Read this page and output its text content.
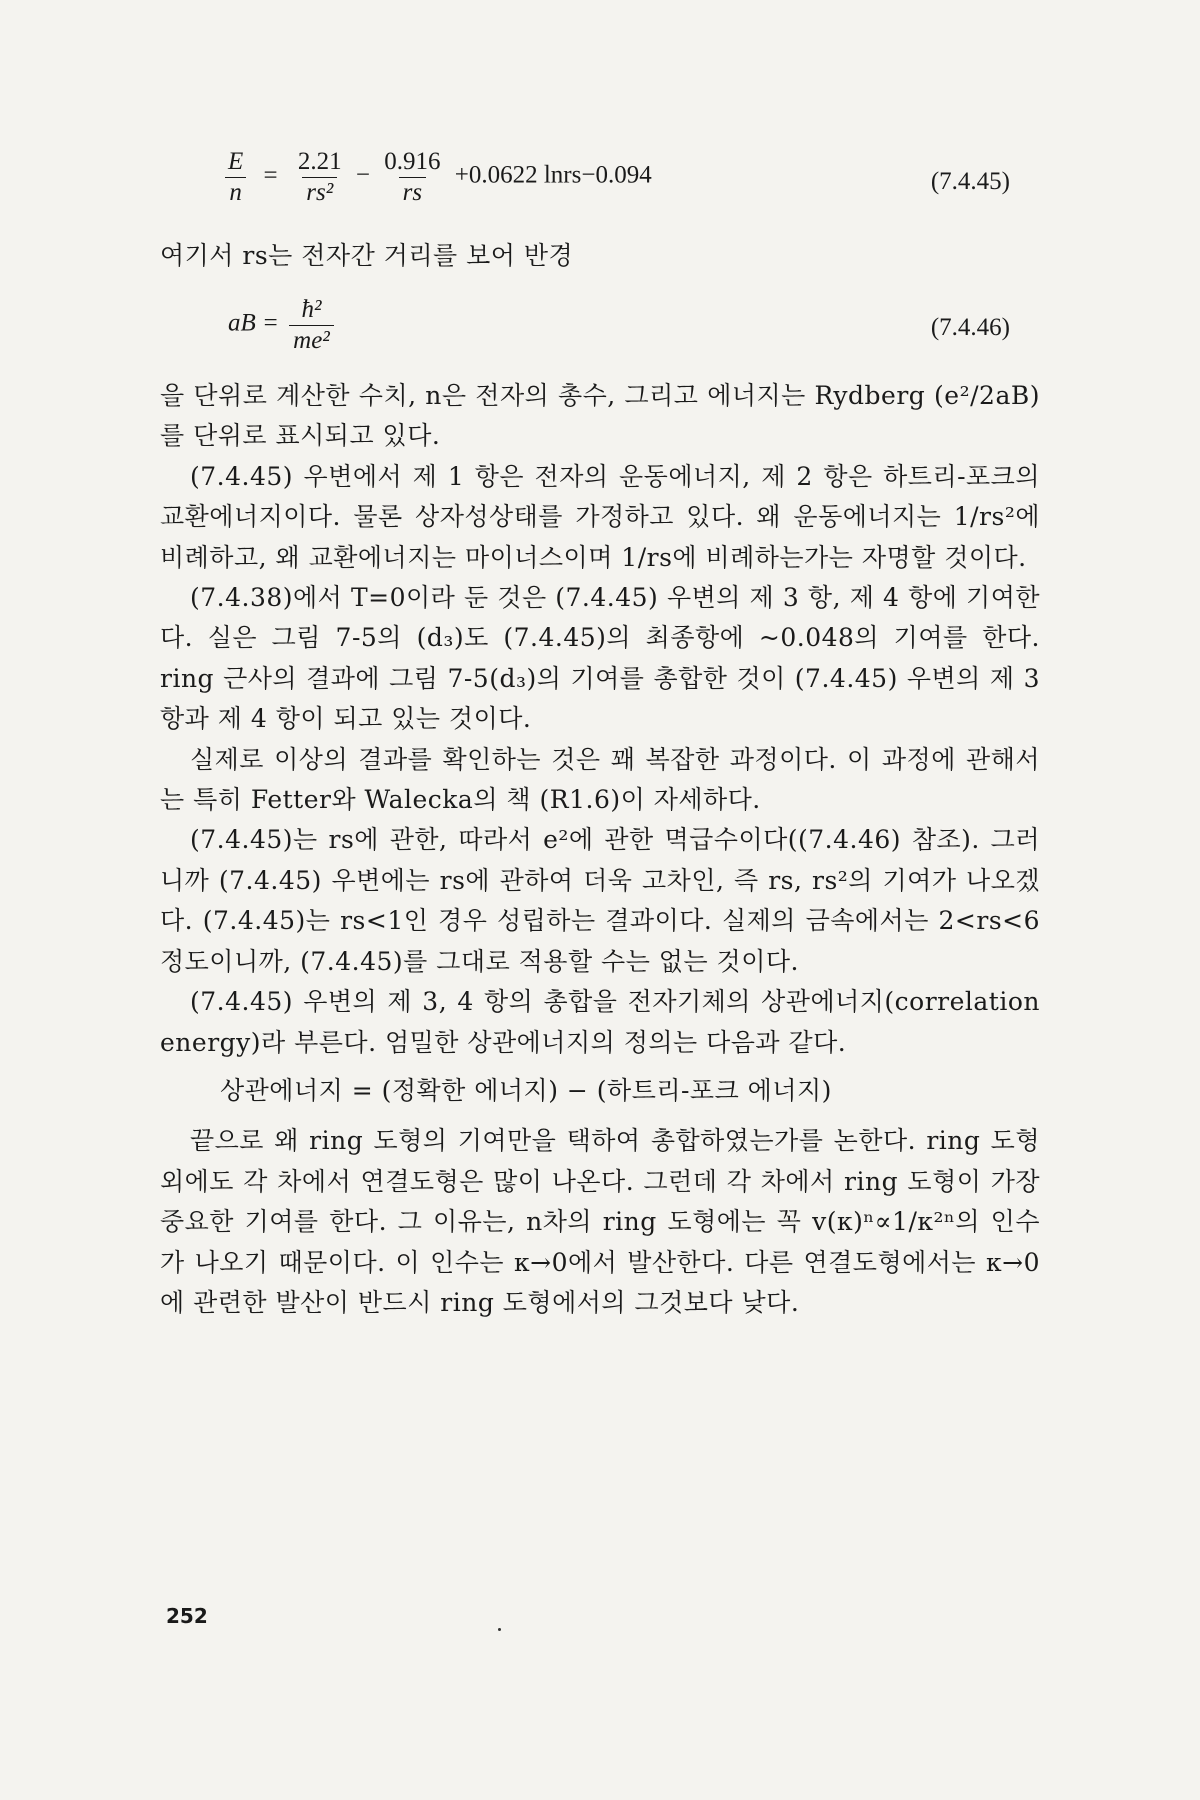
$\frac{E}{n} = \frac{2.21}{\text{rs²}} - \frac{0.916}{rs} +0.0622$ lnrs−0.094	(7.4.45)
여기서 rs는 전자간 거리를 보어 반경
aB = $\frac{\text{ħ²}}{\text{me²}}$	(7.4.46)
을 단위로 계산한 수치, n은 전자의 총수, 그리고 에너지는 Rydberg (e²/2aB)를 단위로 표시되고 있다.
(7.4.45) 우변에서 제 1 항은 전자의 운동에너지, 제 2 항은 하트리-포크의 교환에너지이다. 물론 상자성상태를 가정하고 있다. 왜 운동에너지는 1/rs²에 비례하고, 왜 교환에너지는 마이너스이며 1/rs에 비례하는가는 자명할 것이다.
(7.4.38)에서 T=0이라 둔 것은 (7.4.45) 우변의 제 3 항, 제 4 항에 기여한다. 실은 그림 7-5의 (d₃)도 (7.4.45)의 최종항에 ~0.048의 기여를 한다. ring 근사의 결과에 그림 7-5(d₃)의 기여를 총합한 것이 (7.4.45) 우변의 제 3 항과 제 4 항이 되고 있는 것이다.
실제로 이상의 결과를 확인하는 것은 꽤 복잡한 과정이다. 이 과정에 관해서는 특히 Fetter와 Walecka의 책 (R1.6)이 자세하다.
(7.4.45)는 rs에 관한, 따라서 e²에 관한 멱급수이다((7.4.46) 참조). 그러니까 (7.4.45) 우변에는 rs에 관하여 더욱 고차인, 즉 rs, rs²의 기여가 나오겠다. (7.4.45)는 rs<1인 경우 성립하는 결과이다. 실제의 금속에서는 2<rs<6 정도이니까, (7.4.45)를 그대로 적용할 수는 없는 것이다.
(7.4.45) 우변의 제 3, 4 항의 총합을 전자기체의 상관에너지(correlation energy)라 부른다. 엄밀한 상관에너지의 정의는 다음과 같다.
상관에너지 = (정확한 에너지) − (하트리-포크 에너지)
끝으로 왜 ring 도형의 기여만을 택하여 총합하였는가를 논한다. ring 도형 외에도 각 차에서 연결도형은 많이 나온다. 그런데 각 차에서 ring 도형이 가장 중요한 기여를 한다. 그 이유는, n차의 ring 도형에는 꼭 v(κ)ⁿ∝1/κ²ⁿ의 인수가 나오기 때문이다. 이 인수는 κ→0에서 발산한다. 다른 연결도형에서는 κ→0에 관련한 발산이 반드시 ring 도형에서의 그것보다 낮다.
252
